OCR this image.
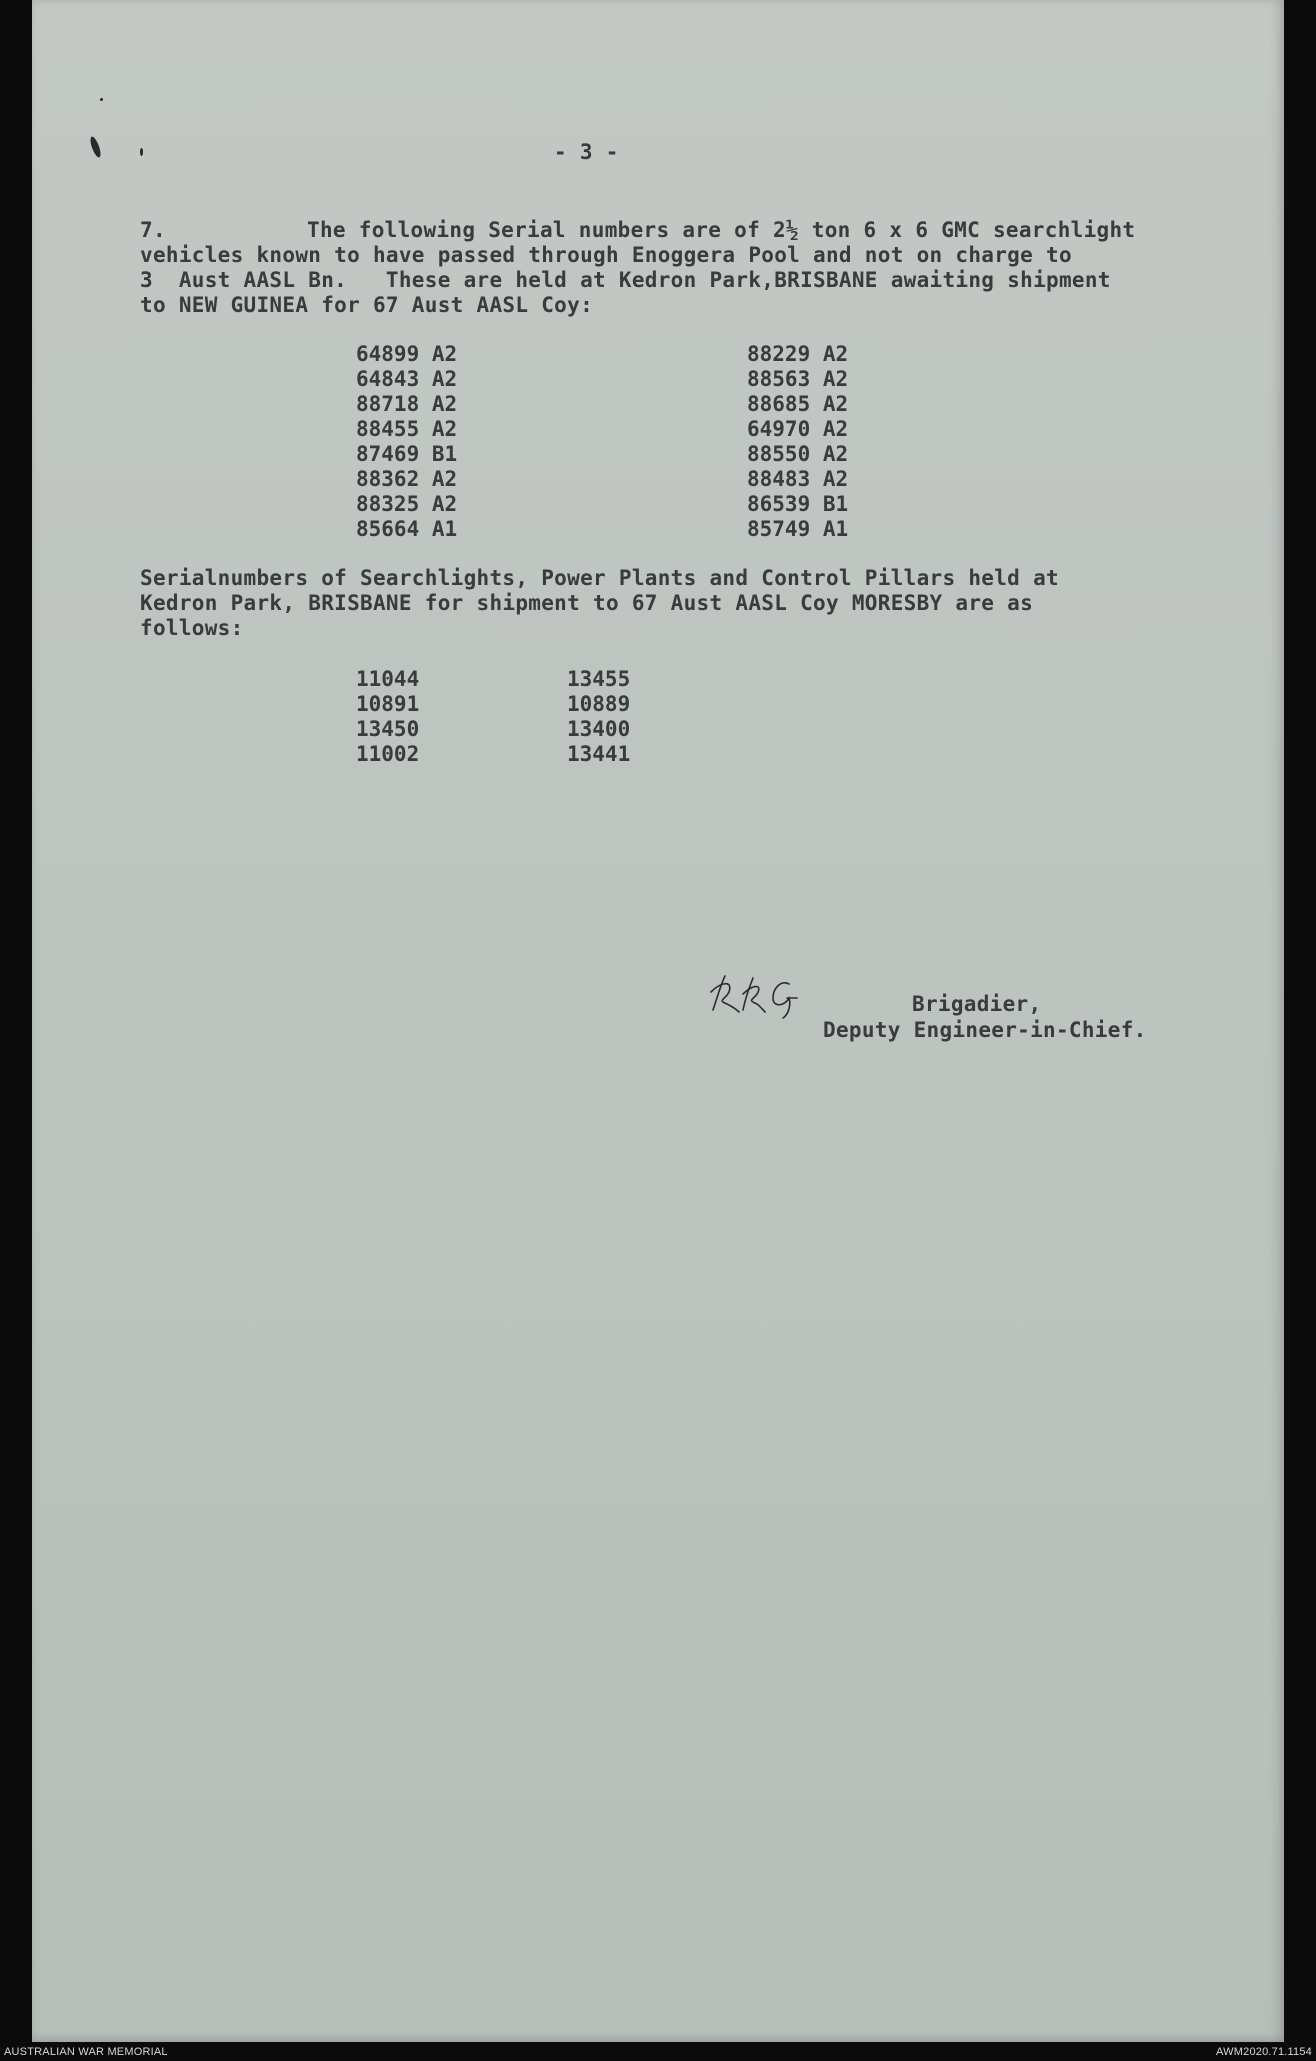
- 3 -
7.	The following Serial numbers are of 2½ ton 6 x 6 GMC searchlight
vehicles known to have passed through Enoggera Pool and not on charge to
3  Aust AASL Bn.   These are held at Kedron Park,BRISBANE awaiting shipment
to NEW GUINEA for 67 Aust AASL Coy:
64899 A2
64843 A2
88718 A2
88455 A2
87469 B1
88362 A2
88325 A2
85664 A1
88229 A2
88563 A2
88685 A2
64970 A2
88550 A2
88483 A2
86539 B1
85749 A1
Serialnumbers of Searchlights, Power Plants and Control Pillars held at
Kedron Park, BRISBANE for shipment to 67 Aust AASL Coy MORESBY are as
follows:
11044
10891
13450
11002
13455
10889
13400
13441
Brigadier,
Deputy Engineer-in-Chief.
AUSTRALIAN WAR MEMORIAL	AWM2020.71.1154
